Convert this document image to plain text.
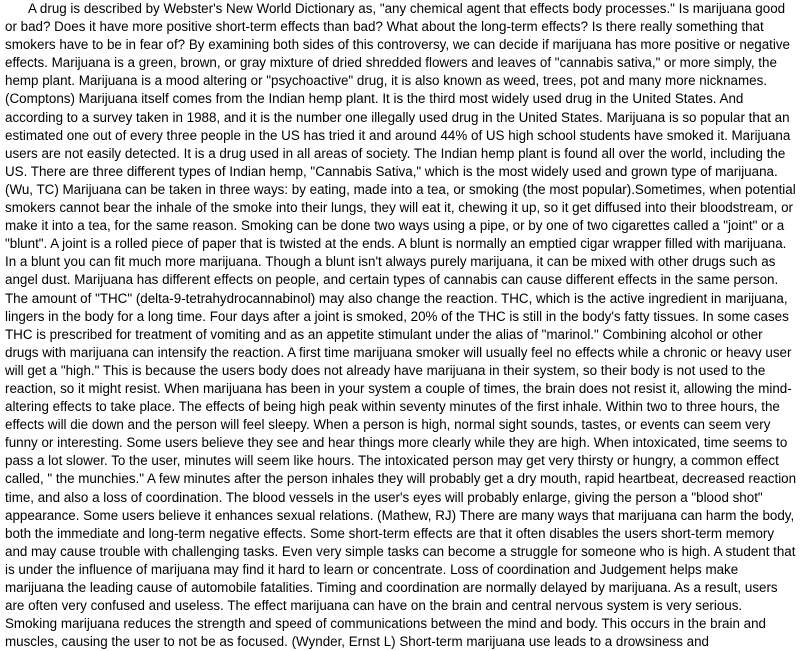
A drug is described by Webster's New World Dictionary as, "any chemical agent that effects body processes." Is marijuana good or bad? Does it have more positive short-term effects than bad? What about the long-term effects? Is there really something that smokers have to be in fear of? By examining both sides of this controversy, we can decide if marijuana has more positive or negative effects. Marijuana is a green, brown, or gray mixture of dried shredded flowers and leaves of "cannabis sativa," or more simply, the hemp plant. Marijuana is a mood altering or "psychoactive" drug, it is also known as weed, trees, pot and many more nicknames.(Comptons) Marijuana itself comes from the Indian hemp plant. It is the third most widely used drug in the United States. And according to a survey taken in 1988, and it is the number one illegally used drug in the United States. Marijuana is so popular that an estimated one out of every three people in the US has tried it and around 44% of US high school students have smoked it. Marijuana users are not easily detected. It is a drug used in all areas of society. The Indian hemp plant is found all over the world, including the US. There are three different types of Indian hemp, "Cannabis Sativa," which is the most widely used and grown type of marijuana.(Wu, TC) Marijuana can be taken in three ways: by eating, made into a tea, or smoking (the most popular).Sometimes, when potential smokers cannot bear the inhale of the smoke into their lungs, they will eat it, chewing it up, so it get diffused into their bloodstream, or make it into a tea, for the same reason. Smoking can be done two ways using a pipe, or by one of two cigarettes called a "joint" or a "blunt". A joint is a rolled piece of paper that is twisted at the ends. A blunt is normally an emptied cigar wrapper filled with marijuana. In a blunt you can fit much more marijuana. Though a blunt isn't always purely marijuana, it can be mixed with other drugs such as angel dust. Marijuana has different effects on people, and certain types of cannabis can cause different effects in the same person. The amount of "THC" (delta-9-tetrahydrocannabinol) may also change the reaction. THC, which is the active ingredient in marijuana, lingers in the body for a long time. Four days after a joint is smoked, 20% of the THC is still in the body's fatty tissues. In some cases THC is prescribed for treatment of vomiting and as an appetite stimulant under the alias of "marinol." Combining alcohol or other drugs with marijuana can intensify the reaction. A first time marijuana smoker will usually feel no effects while a chronic or heavy user will get a "high." This is because the users body does not already have marijuana in their system, so their body is not used to the reaction, so it might resist. When marijuana has been in your system a couple of times, the brain does not resist it, allowing the mind-altering effects to take place. The effects of being high peak within seventy minutes of the first inhale. Within two to three hours, the effects will die down and the person will feel sleepy. When a person is high, normal sight sounds, tastes, or events can seem very funny or interesting. Some users believe they see and hear things more clearly while they are high. When intoxicated, time seems to pass a lot slower. To the user, minutes will seem like hours. The intoxicated person may get very thirsty or hungry, a common effect called, " the munchies." A few minutes after the person inhales they will probably get a dry mouth, rapid heartbeat, decreased reaction time, and also a loss of coordination. The blood vessels in the user's eyes will probably enlarge, giving the person a "blood shot" appearance. Some users believe it enhances sexual relations. (Mathew, RJ) There are many ways that marijuana can harm the body, both the immediate and long-term negative effects. Some short-term effects are that it often disables the users short-term memory and may cause trouble with challenging tasks. Even very simple tasks can become a struggle for someone who is high. A student that is under the influence of marijuana may find it hard to learn or concentrate. Loss of coordination and Judgement helps make marijuana the leading cause of automobile fatalities. Timing and coordination are normally delayed by marijuana. As a result, users are often very confused and useless. The effect marijuana can have on the brain and central nervous system is very serious. Smoking marijuana reduces the strength and speed of communications between the mind and body. This occurs in the brain and muscles, causing the user to not be as focused. (Wynder, Ernst L) Short-term marijuana use leads to a drowsiness and
